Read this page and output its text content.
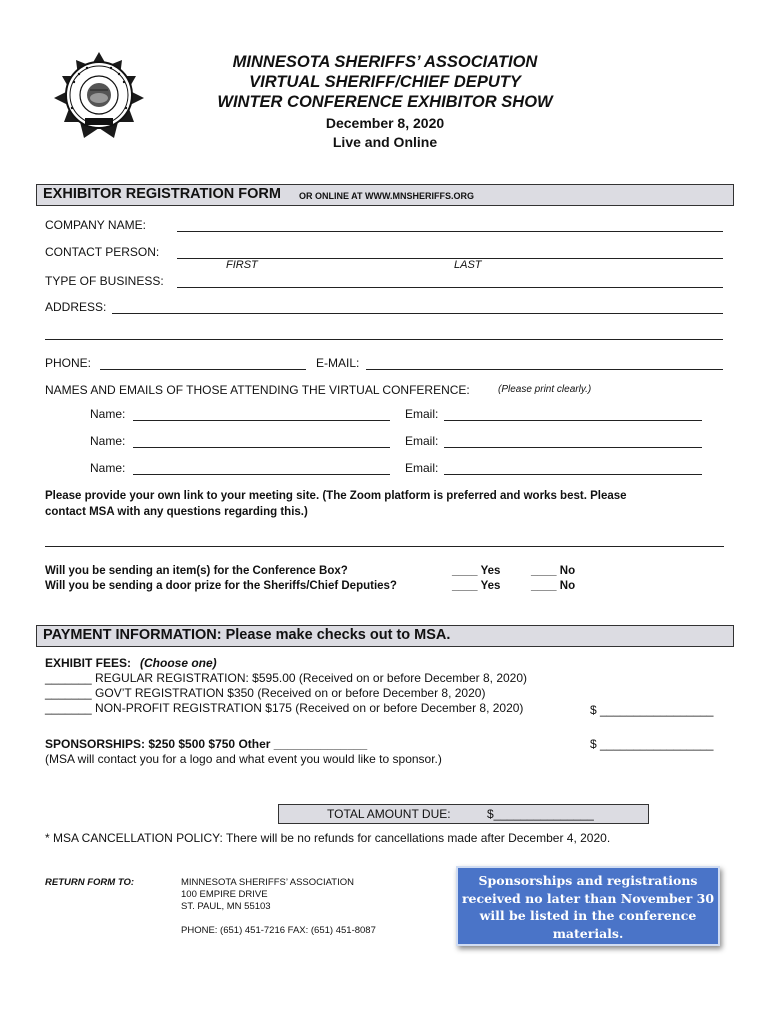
MINNESOTA SHERIFFS’ ASSOCIATION
VIRTUAL SHERIFF/CHIEF DEPUTY
WINTER CONFERENCE EXHIBITOR SHOW
December 8, 2020
Live and Online
EXHIBITOR REGISTRATION FORM OR ONLINE AT WWW.MNSHERIFFS.ORG
COMPANY NAME:
CONTACT PERSON:
FIRST	LAST
TYPE OF BUSINESS:
ADDRESS:
PHONE:	E-MAIL:
NAMES AND EMAILS OF THOSE ATTENDING THE VIRTUAL CONFERENCE:	(Please print clearly.)
Name:	Email:
Name:	Email:
Name:	Email:
Please provide your own link to your meeting site. (The Zoom platform is preferred and works best. Please
contact MSA with any questions regarding this.)
Will you be sending an item(s) for the Conference Box?	____ Yes	____ No
Will you be sending a door prize for the Sheriffs/Chief Deputies?	____ Yes	____ No
PAYMENT INFORMATION: Please make checks out to MSA.
EXHIBIT FEES: (Choose one)
_______ REGULAR REGISTRATION: $595.00 (Received on or before December 8, 2020)
_______ GOV’T REGISTRATION $350 (Received on or before December 8, 2020)
_______ NON-PROFIT REGISTRATION $175 (Received on or before December 8, 2020)	$ _________________
SPONSORSHIPS: $250 $500 $750 Other ______________	$ _________________
(MSA will contact you for a logo and what event you would like to sponsor.)
TOTAL AMOUNT DUE:	$_______________
* MSA CANCELLATION POLICY: There will be no refunds for cancellations made after December 4, 2020.
RETURN FORM TO:	MINNESOTA SHERIFFS’ ASSOCIATION
100 EMPIRE DRIVE
ST. PAUL, MN 55103
PHONE: (651) 451-7216 FAX: (651) 451-8087
Sponsorships and registrations
received no later than November 30
will be listed in the conference
materials.
